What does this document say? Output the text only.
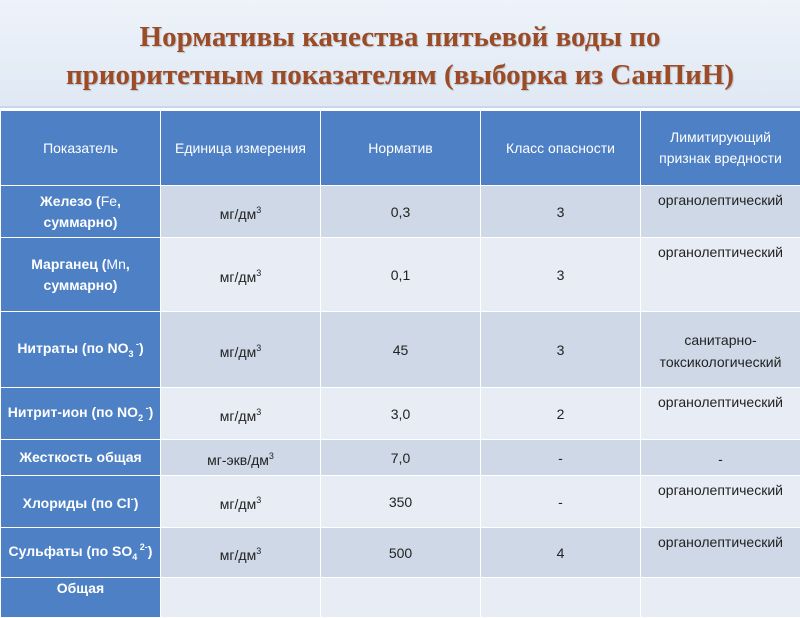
Нормативы качества питьевой воды по
приоритетным показателям (выборка из СанПиН)
Показатель	Единица измерения	Норматив	Класс опасности	Лимитирующий признак вредности
Железо (Fe, суммарно)	$мг/дм^3$	0,3	3	органолептический
Марганец (Mn, суммарно)	$мг/дм^3$	0,1	3	органолептический
Нитраты (по $NO_3$ -)	$мг/дм^3$	45	3	санитарно-токсикологический
Нитрит-ион (по $NO_2$ -)	$мг/дм^3$	3,0	2	органолептический
Жесткость общая	$мг-экв/дм^3$	7,0	-	-
Хлориды (по Cl-)	$мг/дм^3$	350	-	органолептический
Сульфаты (по $SO_4$ $^{2-}$)	$мг/дм^3$	500	4	органолептический
Общая				
